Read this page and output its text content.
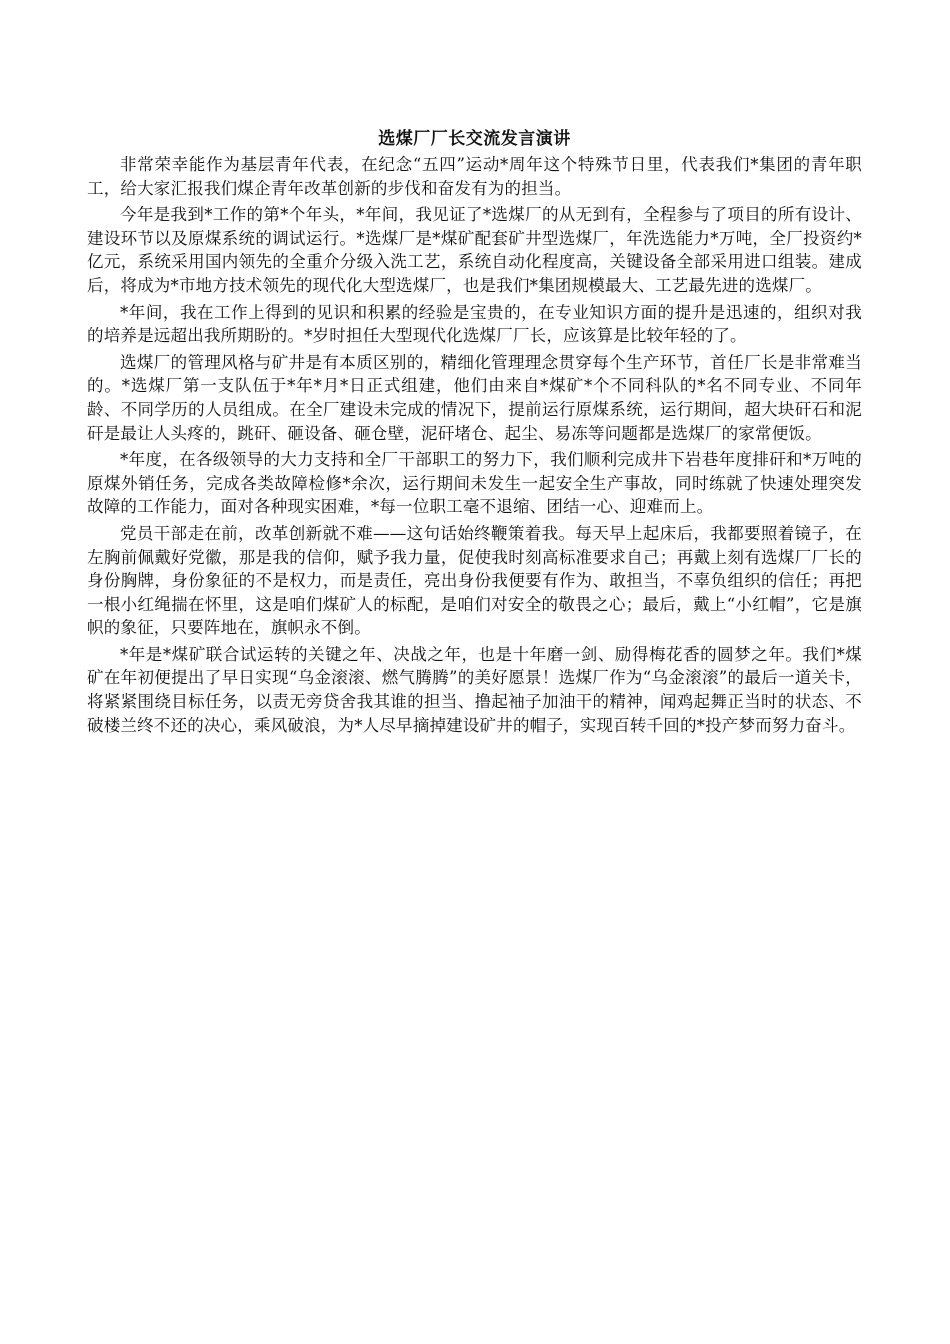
选煤厂厂长交流发言演讲

非常荣幸能作为基层青年代表，在纪念“五四”运动*周年这个特殊节日里，代表我们*集团的青年职工，给大家汇报我们煤企青年改革创新的步伐和奋发有为的担当。

今年是我到*工作的第*个年头，*年间，我见证了*选煤厂的从无到有，全程参与了项目的所有设计、建设环节以及原煤系统的调试运行。*选煤厂是*煤矿配套矿井型选煤厂，年洗选能力*万吨，全厂投资约*亿元，系统采用国内领先的全重介分级入洗工艺，系统自动化程度高，关键设备全部采用进口组装。建成后，将成为*市地方技术领先的现代化大型选煤厂，也是我们*集团规模最大、工艺最先进的选煤厂。

*年间，我在工作上得到的见识和积累的经验是宝贵的，在专业知识方面的提升是迅速的，组织对我的培养是远超出我所期盼的。*岁时担任大型现代化选煤厂厂长，应该算是比较年轻的了。

选煤厂的管理风格与矿井是有本质区别的，精细化管理理念贯穿每个生产环节，首任厂长是非常难当的。*选煤厂第一支队伍于*年*月*日正式组建，他们由来自*煤矿*个不同科队的*名不同专业、不同年龄、不同学历的人员组成。在全厂建设未完成的情况下，提前运行原煤系统，运行期间，超大块矸石和泥矸是最让人头疼的，跳矸、砸设备、砸仓壁，泥矸堵仓、起尘、易冻等问题都是选煤厂的家常便饭。

*年度，在各级领导的大力支持和全厂干部职工的努力下，我们顺利完成井下岩巷年度排矸和*万吨的原煤外销任务，完成各类故障检修*余次，运行期间未发生一起安全生产事故，同时练就了快速处理突发故障的工作能力，面对各种现实困难，*每一位职工毫不退缩、团结一心、迎难而上。

党员干部走在前，改革创新就不难——这句话始终鞭策着我。每天早上起床后，我都要照着镜子，在左胸前佩戴好党徽，那是我的信仰，赋予我力量，促使我时刻高标准要求自己；再戴上刻有选煤厂厂长的身份胸牌，身份象征的不是权力，而是责任，亮出身份我便要有作为、敢担当，不辜负组织的信任；再把一根小红绳揣在怀里，这是咱们煤矿人的标配，是咱们对安全的敬畏之心；最后，戴上“小红帽”，它是旗帜的象征，只要阵地在，旗帜永不倒。

*年是*煤矿联合试运转的关键之年、决战之年，也是十年磨一剑、励得梅花香的圆梦之年。我们*煤矿在年初便提出了早日实现“乌金滚滚、燃气腾腾”的美好愿景！选煤厂作为“乌金滚滚”的最后一道关卡，将紧紧围绕目标任务，以责无旁贷舍我其谁的担当、撸起袖子加油干的精神，闻鸡起舞正当时的状态、不破楼兰终不还的决心，乘风破浪，为*人尽早摘掉建设矿井的帽子，实现百转千回的*投产梦而努力奋斗。
